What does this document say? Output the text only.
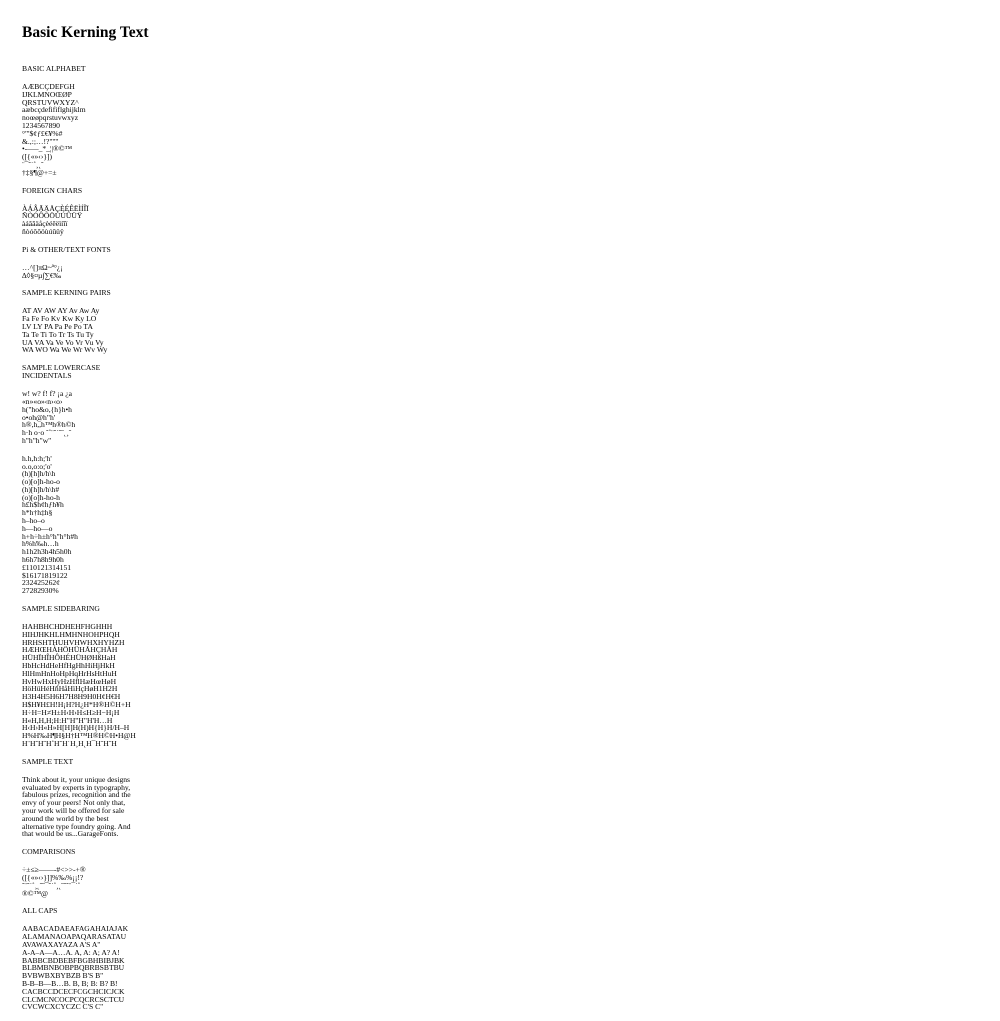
Basic Kerning Text
BASIC ALPHABET
AÆBCÇDEFGH
IJKLMNOŒØP
QRSTUVWXYZ^
aæbcçdefififlghijklm
noœøpqrstuvwxyz
1234567890
°"'$¢ƒ£€¥%#
&.,:;…!?"'"'
•-–—_*_¦|®©™
([{«»‹›}])
¨¯˘˙˚¸˛ˇ
†‡§¶@+=±
FOREIGN CHARS
ÀÁÂÃÄÅÇÈÉÊËÌÍÎÏ
ÑÒÓÔÕÖÙÚÛÜŸ
àáâãäåçèéêëìíîï
ñòóôõöùúûüÿ
Pi & OTHER/TEXT FONTS
…^[]πΩ~ª°¿¡
∆◊§¤µ∫∑€‰
SAMPLE KERNING PAIRS
AT AV AW AY Av Aw Ay
Fa Fe Fo Kv Kw Ky LO
LV LY PA Pa Pe Po TA
Ta Te Ti To Tr Ts Tu Ty
UA VA Va Ve Vo Vr Vu Vy
WA WO Wa We Wr Wv Wy
SAMPLE LOWERCASE INCIDENTALS
w! w? f! f? ¡a ¿a
«n»«o»‹n›‹o›
h("ho&o,{h}h•h
o•oh@h"h'
h®,h,,h™h®h©h
h·h o·o ˜˚¨˘˙ˇ˝˛¸ˆ
h"h"h"w"
h.h,h:h;'h'
o.o,o:o;'o'
(h)[h]h/h\h
(o)[o]h-ho-o
(h)[h]h/h\h#
(o)[o]h-ho-h
h£h$h¢hƒh¥h
h*h†h‡h§
h–ho–o
h—ho—o
h+h÷h±h°h"h°h#h
h%h‰h…h
h1h2h3h4h5h0h
h6h7h8h9h0h
£110121314151
$16171819122
232425262¢
27282930%
SAMPLE SIDEBARING
HAHBHCHDHEHFHGHHH
HIHJHKHLHMHNHOHPHQH
HRHSHTHUHVHWHXHYHZH
HÆHŒHÀHÖHÜHÅHÇHÄH
HÜHÏHÎHÔHÉHÜHØHßHaH
HbHcHdHeHfHgHhHiHjHkH
HlHmHnHoHpHqHrHsHtHuH
HvHwHxHyHzHflHæHœHøH
HöHüHéHñHåHìHçHøH1H2H
H3H4H5H6H7H8H9H0H¢H€H
H$H¥H£H!H¡H?H¿H*H®H©H+H
H÷H=H≠H±H‹H›H≤H≥H−H¡H
H«H,H,H;H:H"H"H"H'H…H
H‹H›H«H»H[H]H(H)H{H}H/H–H
H%H‰H¶H§H†H™H®H©H•H@H
H¨H˜H˝H˚H˘H˙H¸H˛H¯HˇH˝H
SAMPLE TEXT
Think about it, your unique designs evaluated by experts in typography, fabulous prizes, recognition and the envy of your peers! Not only that, your work will be offered for sale around the world by the best alternative type foundry going. And that would be us...GarageFonts.
COMPARISONS
÷±≤≥——-#<>>-+®
([{«»‹›}]]%‰%¡¡!?
˜¨˘˙˚¸˛ˇ˝¯˘˙˚¸˛˝ˇ˜¨¯˙˚
®©™@
ALL CAPS
AABACADAEAFAGAHAIAJAK
ALAMANAOAPAQARASATAU
AVAWAXAYAZA A'S A"
A-A–A—A…A. A, A: A; A? A!
BABBCBDBEBFBGBHBIBJBK
BLBMBNBOBPBQBRBSBTBU
BVBWBXBYBZB B'S B"
B-B–B—B…B. B, B; B: B? B!
CACBCCDCECFCGCHCICJCK
CLCMCNCOCPCQCRCSCTCU
CVCWCXCYCZC C'S C"
